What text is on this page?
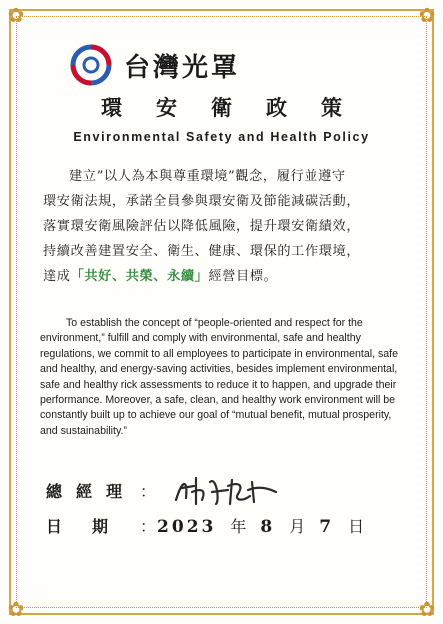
✿	✿
✿	✿
台灣光罩
環安衛政策
Environmental Safety and Health Policy

建立”以人為本與尊重環境”觀念，履行並遵守

環安衛法規，承諾全員參與環安衛及節能減碳活動，

落實環安衛風險評估以降低風險，提升環安衛績效，

持續改善建置安全、衛生、健康、環保的工作環境，

達成「共好、共榮、永續」經營目標。

To establish the concept of “people-oriented and respect for the environment,” fulfill and comply with environmental, safe and healthy regulations, we commit to all employees to participate in environmental, safe and healthy, and energy-saving activities, besides implement environmental, safe and healthy rick assessments to reduce it to happen, and upgrade their performance. Moreover, a safe, clean, and healthy work environment will be constantly built up to achieve our goal of “mutual benefit, mutual prosperity, and sustainability.”

總經理 ：
日期 ： 2023 年 8 月 7 日
